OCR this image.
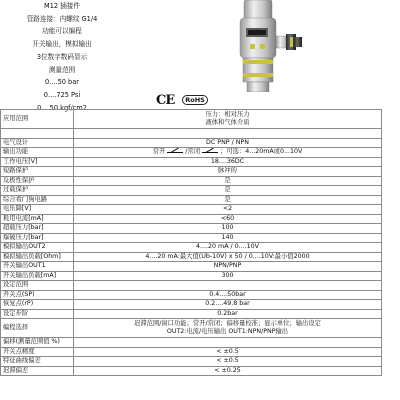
M12 插接件
管路连接：内螺纹 G1/4
功能可以编程
开关输出，模拟输出
3位数字数码显示
测量范围
0....50 bar
0....725 Psi
0....50 kgf/cm2
CE	RoHS
应用范围	压力：相对压力
液体和气体介质

电气设计	DC PNP / NPN
输出功能	常开 /常闭 ；可选：4...20mA或0...10V
工作电压[V]	18....36DC
短路保护	脉冲的
反极性保护	是
过载保护	是
综合看门狗电路	是
电压降[V]	<2
耗用电流[mA]	<60
超载压力[bar]	100
爆破压力[bar]	140
模拟输出OUT2	4....20 mA / 0....10V
模拟输出负载[Ohm]	4....20 mA:最大值(Ub-10V) x 50 / 0....10V:最小值2000
开关输出OUT1	NPN/PNP
开关输出负载[mA]	300
设定范围	
开关点(SP)	0.4....50bar
恢复点(rP)	0.2....49.8 bar
设定步阶	0.2bar
编程选择	迟滞范围/窗口功能；常开/常闭；偏移量校准；显示单位；输出设定
OUT2:电流/电压输出 OUT1:NPN/PNP输出
偏移(测量范围值 %)	
开关点精度	< ±0.5
特征曲线偏差	< ±0.5
迟滞偏差	< ±0.25
